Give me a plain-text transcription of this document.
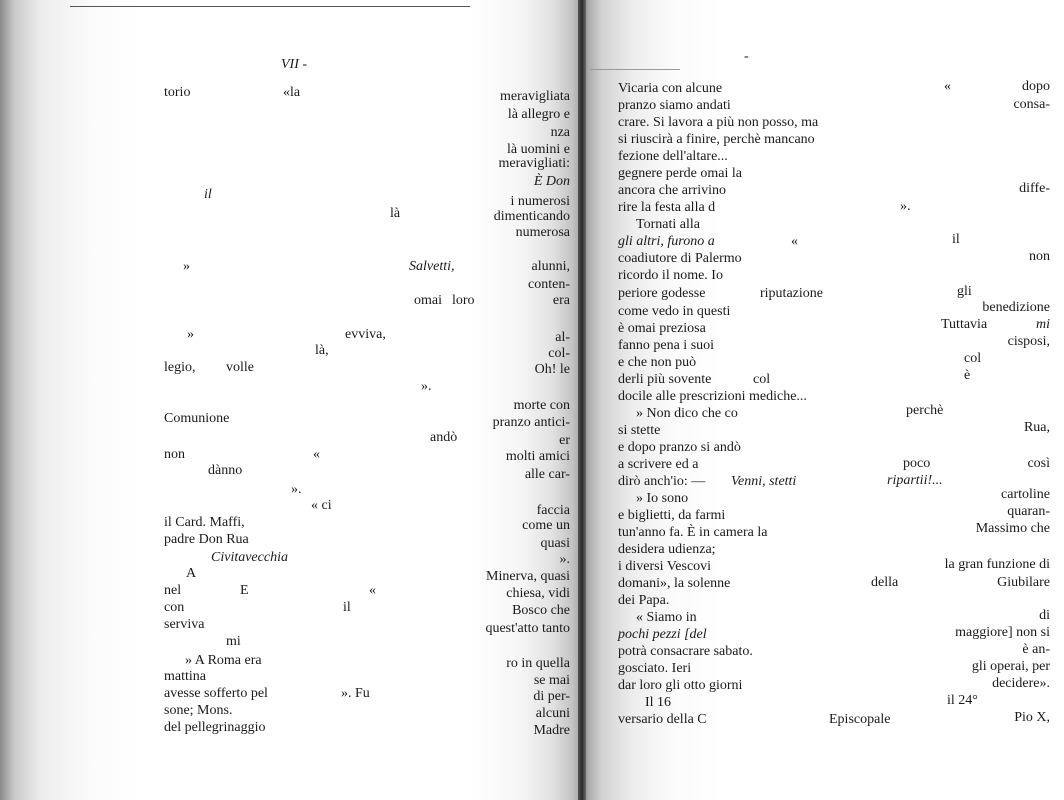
VII -
torio	«la	meravigliata
là allegro e
nza
là uomini e
meravigliati:
il
È Don
i numerosi
là	dimenticando
numerosa
»	Salvetti,	alunni,
conten-
omai loro	era
»	evviva,	al-
là,	col-
legio, volle	Oh! le
».
morte con
Comunione	pranzo antici-
andò	er
non	«	molti amici
dànno	alle car-
».
« ci	faccia
il Card. Maffi,	come un
padre Don Rua	quasi
Civitavecchia	».
A	Minerva, quasi
nel	E	«	chiesa, vidi
con	il	Bosco che
serviva	quest'atto tanto
mi
» A Roma era	ro in quella
mattina	se mai
avesse sofferto pel	». Fu	di per-
sone; Mons.	alcuni
del pellegrinaggio	Madre
-
Vicaria con alcune
pranzo siamo andati
crare. Si lavora a più non posso, ma
si riuscirà a finire, perchè mancano
fezione dell'altare...
gegnere perde omai la
ancora che arrivino
rire la festa alla d
Tornati alla
gli altri, furono a
coadiutore di Palermo
ricordo il nome. Io
periore godesse	riputazione
come vedo in questi
è omai preziosa
fanno pena i suoi
e che non può
derli più sovente	col
docile alle prescrizioni mediche...
» Non dico che co
si stette
e dopo pranzo si andò
a scrivere ed a
dirò anch'io: — Venni, stetti
» Io sono
e biglietti, da farmi
tun'anno fa. È in camera la
desidera udienza;
i diversi Vescovi
domani», la solenne
dei Papa.
« Siamo in
pochi pezzi [del
potrà consacrare sabato.
gosciato. Ieri
dar loro gli otto giorni
Il 16
versario della C	Episcopale
«	dopo
consa-
diffe-
».
«	il
non
gli
benedizione
Tuttavia	mi
cisposi,
col
è
perchè
Rua,
poco	così
ripartii!...
cartoline
quaran-
Massimo che
la gran funzione di
della	Giubilare
di
maggiore] non si
è an-
gli operai, per
decidere».
il 24°
Pio X,
